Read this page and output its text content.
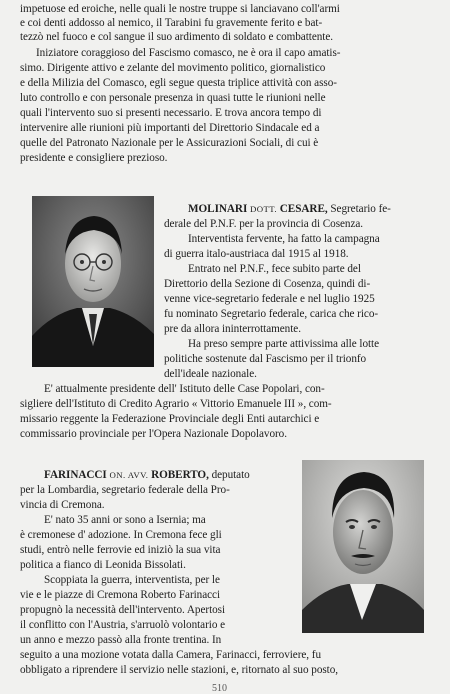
impetuose ed eroiche, nelle quali le nostre truppe si lanciavano coll'armi
e coi denti addosso al nemico, il Tarabini fu gravemente ferito e bat-
tezzò nel fuoco e col sangue il suo ardimento di soldato e combattente.
Iniziatore coraggioso del Fascismo comasco, ne è ora il capo amatis-
simo. Dirigente attivo e zelante del movimento politico, giornalistico
e della Milizia del Comasco, egli segue questa triplice attività con asso-
luto controllo e con personale presenza in quasi tutte le riunioni nelle
quali l'intervento suo si presenti necessario. E trova ancora tempo di
intervenire alle riunioni più importanti del Direttorio Sindacale ed a
quelle del Patronato Nazionale per le Assicurazioni Sociali, di cui è
presidente e consigliere prezioso.
MOLINARI DOTT. CESARE, Segretario fe-
derale del P.N.F. per la provincia di Cosenza.
Interventista fervente, ha fatto la campagna
di guerra italo-austriaca dal 1915 al 1918.
Entrato nel P.N.F., fece subito parte del
Direttorio della Sezione di Cosenza, quindi di-
venne vice-segretario federale e nel luglio 1925
fu nominato Segretario federale, carica che rico-
pre da allora ininterrottamente.
Ha preso sempre parte attivissima alle lotte
politiche sostenute dal Fascismo per il trionfo
dell'ideale nazionale.
E' attualmente presidente dell' Istituto delle Case Popolari, con-
sigliere dell'Istituto di Credito Agrario « Vittorio Emanuele III », com-
missario reggente la Federazione Provinciale degli Enti autarchici e
commissario provinciale per l'Opera Nazionale Dopolavoro.
FARINACCI ON. AVV. ROBERTO, deputato
per la Lombardia, segretario federale della Pro-
vincia di Cremona.
E' nato 35 anni or sono a Isernia; ma
è cremonese d' adozione. In Cremona fece gli
studi, entrò nelle ferrovie ed iniziò la sua vita
politica a fianco di Leonida Bissolati.
Scoppiata la guerra, interventista, per le
vie e le piazze di Cremona Roberto Farinacci
propugnò la necessità dell'intervento. Apertosi
il conflitto con l'Austria, s'arruolò volontario e
un anno e mezzo passò alla fronte trentina. In
seguito a una mozione votata dalla Camera, Farinacci, ferroviere, fu
obbligato a riprendere il servizio nelle stazioni, e, ritornato al suo posto,
510
